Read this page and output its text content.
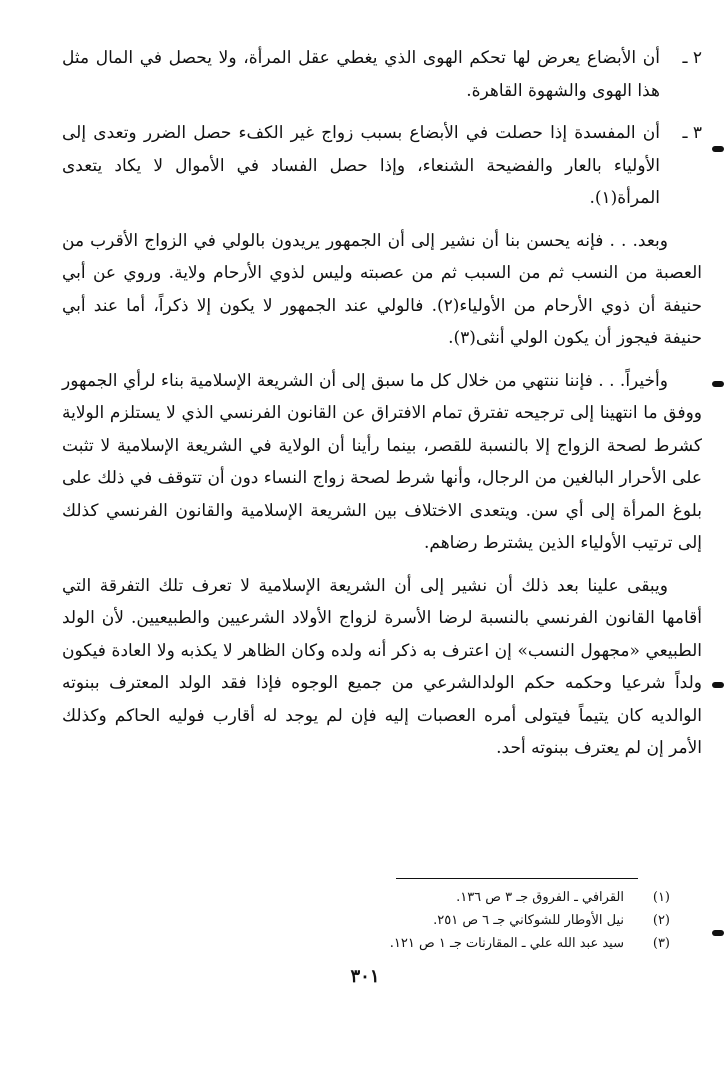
٢ ـ
أن الأبضاع يعرض لها تحكم الهوى الذي يغطي عقل المرأة، ولا يحصل في المال مثل هذا الهوى والشهوة القاهرة.
٣ ـ
أن المفسدة إذا حصلت في الأبضاع بسبب زواج غير الكفء حصل الضرر وتعدى إلى الأولياء بالعار والفضيحة الشنعاء، وإذا حصل الفساد في الأموال لا يكاد يتعدى المرأة(١).

وبعد. . . فإنه يحسن بنا أن نشير إلى أن الجمهور يريدون بالولي في الزواج الأقرب من العصبة من النسب ثم من السبب ثم من عصبته وليس لذوي الأرحام ولاية. وروي عن أبي حنيفة أن ذوي الأرحام من الأولياء(٢). فالولي عند الجمهور لا يكون إلا ذكراً، أما عند أبي حنيفة فيجوز أن يكون الولي أنثى(٣).

وأخيراً. . . فإننا ننتهي من خلال كل ما سبق إلى أن الشريعة الإسلامية بناء لرأي الجمهور ووفق ما انتهينا إلى ترجيحه تفترق تمام الافتراق عن القانون الفرنسي الذي لا يستلزم الولاية كشرط لصحة الزواج إلا بالنسبة للقصر، بينما رأينا أن الولاية في الشريعة الإسلامية لا تثبت على الأحرار البالغين من الرجال، وأنها شرط لصحة زواج النساء دون أن تتوقف في ذلك على بلوغ المرأة إلى أي سن. ويتعدى الاختلاف بين الشريعة الإسلامية والقانون الفرنسي كذلك إلى ترتيب الأولياء الذين يشترط رضاهم.

ويبقى علينا بعد ذلك أن نشير إلى أن الشريعة الإسلامية لا تعرف تلك التفرقة التي أقامها القانون الفرنسي بالنسبة لرضا الأسرة لزواج الأولاد الشرعيين والطبيعيين. لأن الولد الطبيعي «مجهول النسب» إن اعترف به ذكر أنه ولده وكان الظاهر لا يكذبه ولا العادة فيكون ولداً شرعيا وحكمه حكم الولدالشرعي من جميع الوجوه فإذا فقد الولد المعترف ببنوته الوالديه كان يتيماً فيتولى أمره العصبات إليه فإن لم يوجد له أقارب فوليه الحاكم وكذلك الأمر إن لم يعترف ببنوته أحد.

(١)
القرافي ـ الفروق جـ ٣ ص ١٣٦.
(٢)
نيل الأوطار للشوكاني جـ ٦ ص ٢٥١.
(٣)
سيد عبد الله علي ـ المقارنات جـ ١ ص ١٢١.
٣٠١
